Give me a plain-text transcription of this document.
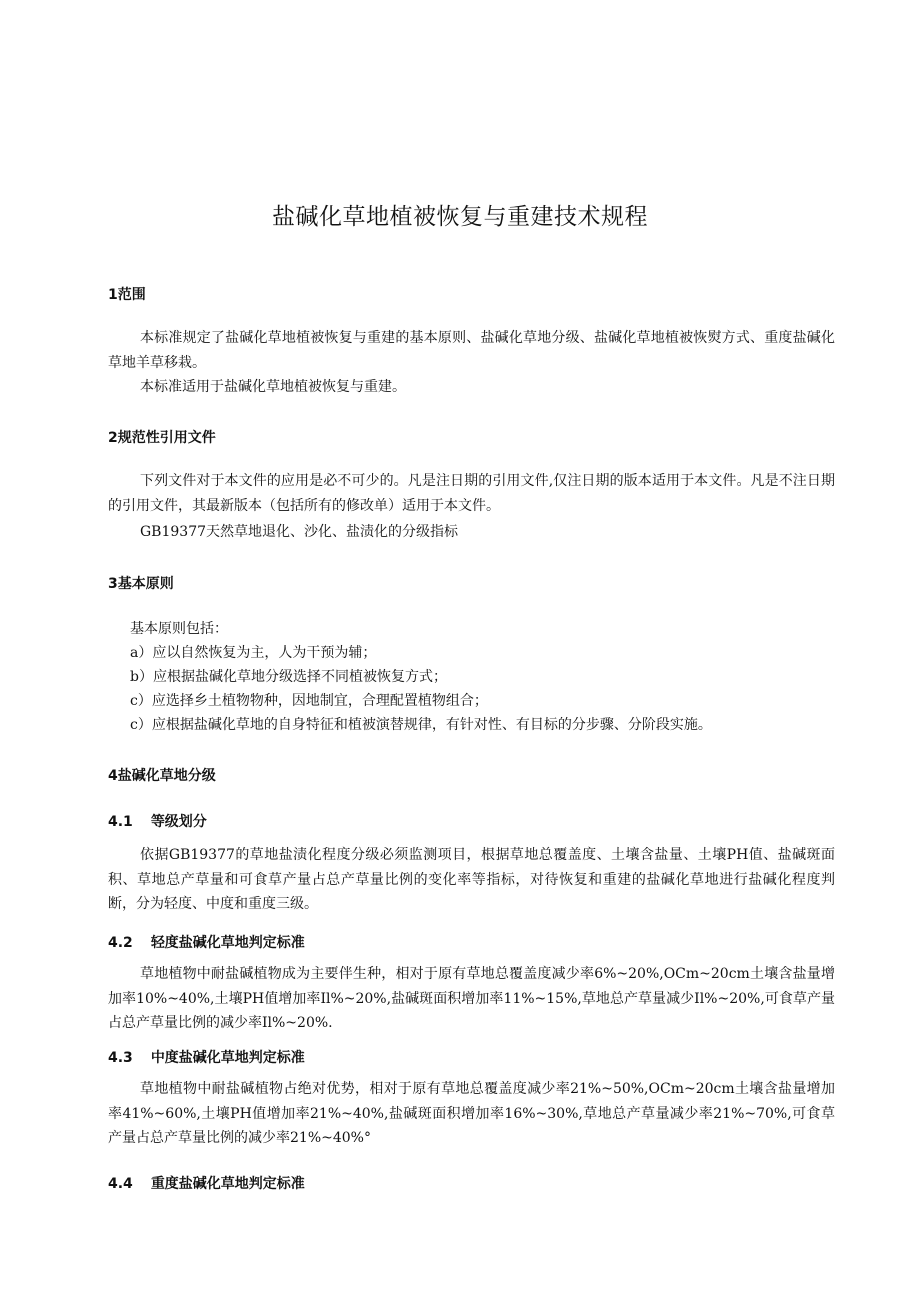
盐碱化草地植被恢复与重建技术规程
1范围

本标准规定了盐碱化草地植被恢复与重建的基本原则、盐碱化草地分级、盐碱化草地植被恢熨方式、重度盐碱化草地羊草移栽。

本标准适用于盐碱化草地植被恢复与重建。

2规范性引用文件

下列文件对于本文件的应用是必不可少的。凡是注日期的引用文件,仅注日期的版本适用于本文件。凡是不注日期的引用文件，其最新版本（包括所有的修改单）适用于本文件。

GB19377天然草地退化、沙化、盐渍化的分级指标
3基本原则
基本原则包括：
a）应以自然恢复为主，人为干预为辅；
b）应根据盐碱化草地分级选择不同植被恢复方式；
c）应选择乡土植物物种，因地制宜，合理配置植物组合；
c）应根据盐碱化草地的自身特征和植被演替规律，有针对性、有目标的分步骤、分阶段实施。
4盐碱化草地分级
4.1 等级划分

依据GB19377的草地盐渍化程度分级必须监测项目，根据草地总覆盖度、土壤含盐量、土壤PH值、盐碱斑面积、草地总产草量和可食草产量占总产草量比例的变化率等指标，对待恢复和重建的盐碱化草地进行盐碱化程度判断，分为轻度、中度和重度三级。

4.2 轻度盐碱化草地判定标准

草地植物中耐盐碱植物成为主要伴生种，相对于原有草地总覆盖度减少率6%~20%,OCm~20cm土壤含盐量增加率10%~40%,土壤PH值增加率Il%~20%,盐碱斑面积增加率11%~15%,草地总产草量减少Il%~20%,可食草产量占总产草量比例的减少率Il%~20%.

4.3 中度盐碱化草地判定标准

草地植物中耐盐碱植物占绝对优势，相对于原有草地总覆盖度减少率21%~50%,OCm~20cm土壤含盐量增加率41%~60%,土壤PH值增加率21%~40%,盐碱斑面积增加率16%~30%,草地总产草量减少率21%~70%,可食草产量占总产草量比例的减少率21%~40%°

4.4 重度盐碱化草地判定标准
